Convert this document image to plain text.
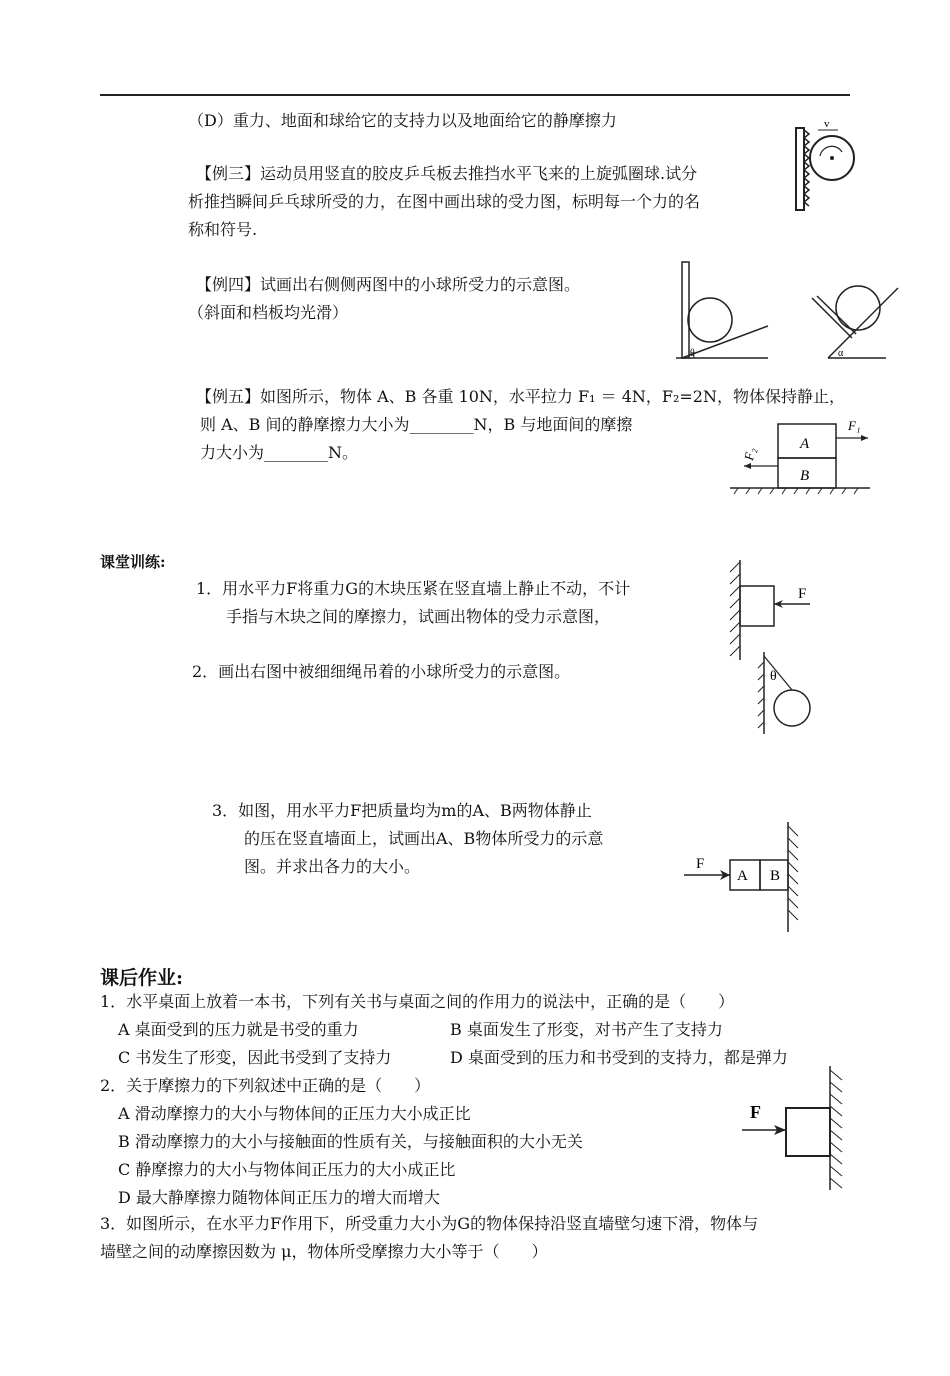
（D）重力、地面和球给它的支持力以及地面给它的静摩擦力
【例三】运动员用竖直的胶皮乒乓板去推挡水平飞来的上旋弧圈球.试分
析推挡瞬间乒乓球所受的力，在图中画出球的受力图，标明每一个力的名
称和符号.
v
【例四】试画出右侧侧两图中的小球所受力的示意图。
（斜面和档板均光滑）
θ	α
【例五】如图所示，物体 A、B 各重 10N，水平拉力 F₁ ＝ 4N，F₂=2N，物体保持静止，
则 A、B 间的静摩擦力大小为________N，B 与地面间的摩擦
力大小为________N。	A
B
F₁
F₂
课堂训练:
1．用水平力F将重力G的木块压紧在竖直墙上静止不动，不计
手指与木块之间的摩擦力，试画出物体的受力示意图，
F
2．画出右图中被细细绳吊着的小球所受力的示意图。	θ
3．如图，用水平力F把质量均为m的A、B两物体静止
的压在竖直墙面上，试画出A、B物体所受力的示意
图。并求出各力的大小。	A B
F
课后作业:
1．水平桌面上放着一本书，下列有关书与桌面之间的作用力的说法中，正确的是（　　）
A 桌面受到的压力就是书受的重力	B 桌面发生了形变，对书产生了支持力
C 书发生了形变，因此书受到了支持力	D 桌面受到的压力和书受到的支持力，都是弹力
2．关于摩擦力的下列叙述中正确的是（　　）
A 滑动摩擦力的大小与物体间的正压力大小成正比
B 滑动摩擦力的大小与接触面的性质有关，与接触面积的大小无关
C 静摩擦力的大小与物体间正压力的大小成正比
D 最大静摩擦力随物体间正压力的增大而增大
F
3．如图所示，在水平力F作用下，所受重力大小为G的物体保持沿竖直墙壁匀速下滑，物体与
墙壁之间的动摩擦因数为 μ，物体所受摩擦力大小等于（　　）
